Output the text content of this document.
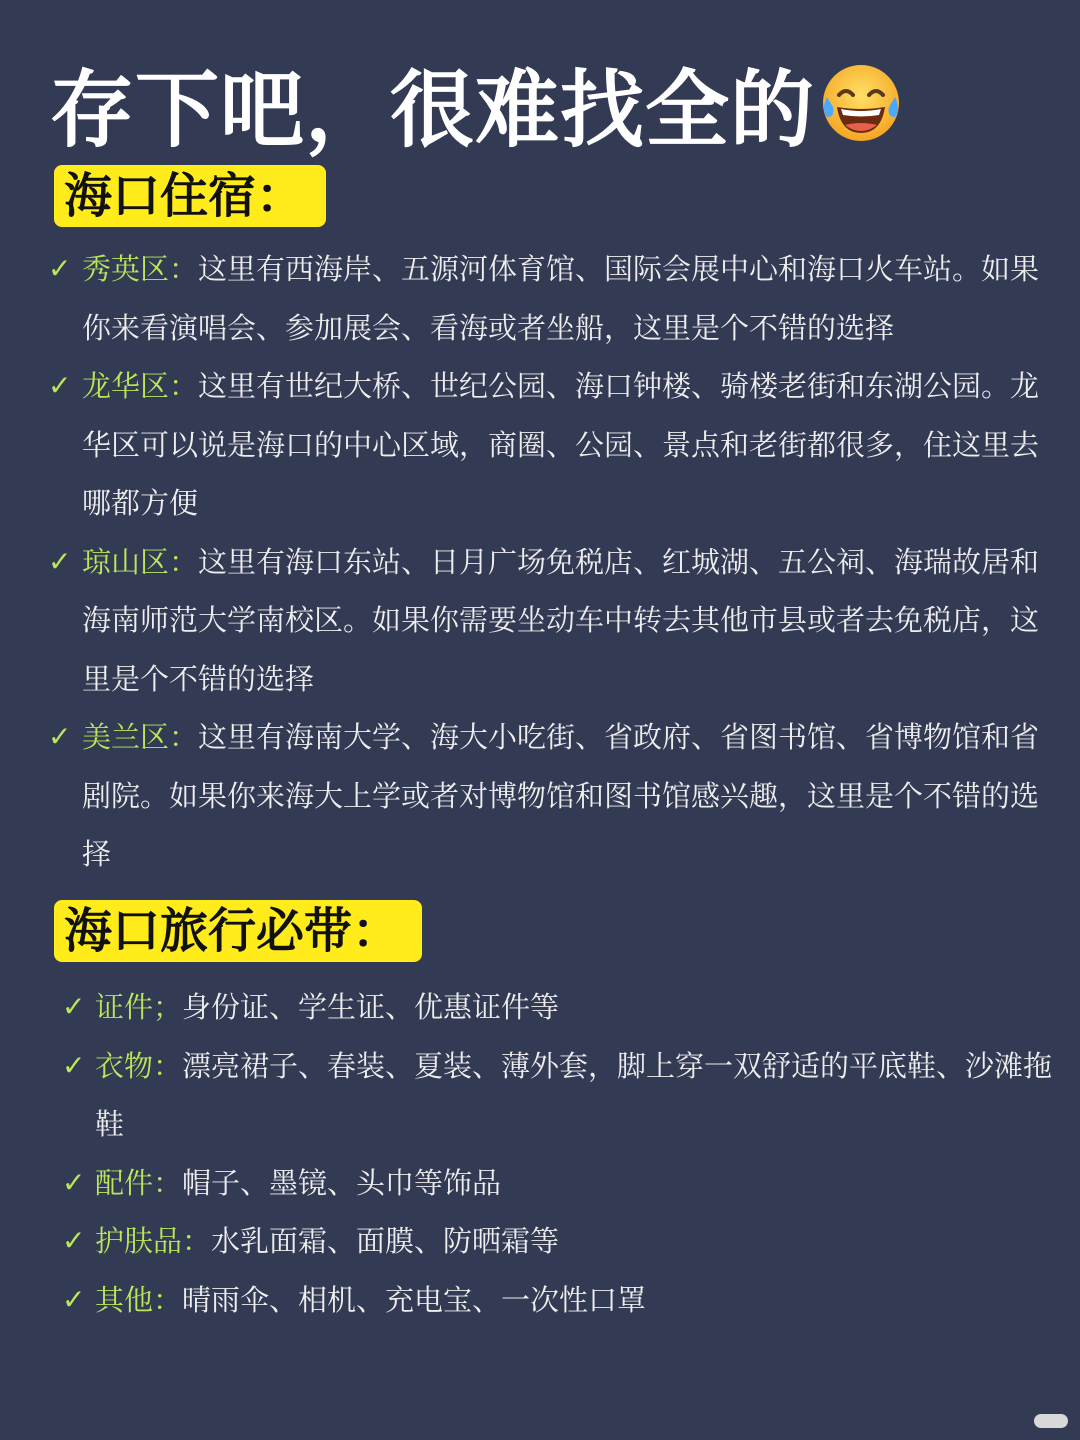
存下吧，很难找全的
海口住宿：
✓ 秀英区：这里有西海岸、五源河体育馆、国际会展中心和海口火车站。如果你来看演唱会、参加展会、看海或者坐船，这里是个不错的选择
✓ 龙华区：这里有世纪大桥、世纪公园、海口钟楼、骑楼老街和东湖公园。龙华区可以说是海口的中心区域，商圈、公园、景点和老街都很多，住这里去哪都方便
✓ 琼山区：这里有海口东站、日月广场免税店、红城湖、五公祠、海瑞故居和海南师范大学南校区。如果你需要坐动车中转去其他市县或者去免税店，这里是个不错的选择
✓ 美兰区：这里有海南大学、海大小吃街、省政府、省图书馆、省博物馆和省剧院。如果你来海大上学或者对博物馆和图书馆感兴趣，这里是个不错的选择
海口旅行必带：
✓ 证件；身份证、学生证、优惠证件等
✓ 衣物：漂亮裙子、春装、夏装、薄外套，脚上穿一双舒适的平底鞋、沙滩拖鞋
✓ 配件：帽子、墨镜、头巾等饰品
✓ 护肤品：水乳面霜、面膜、防晒霜等
✓ 其他：晴雨伞、相机、充电宝、一次性口罩
